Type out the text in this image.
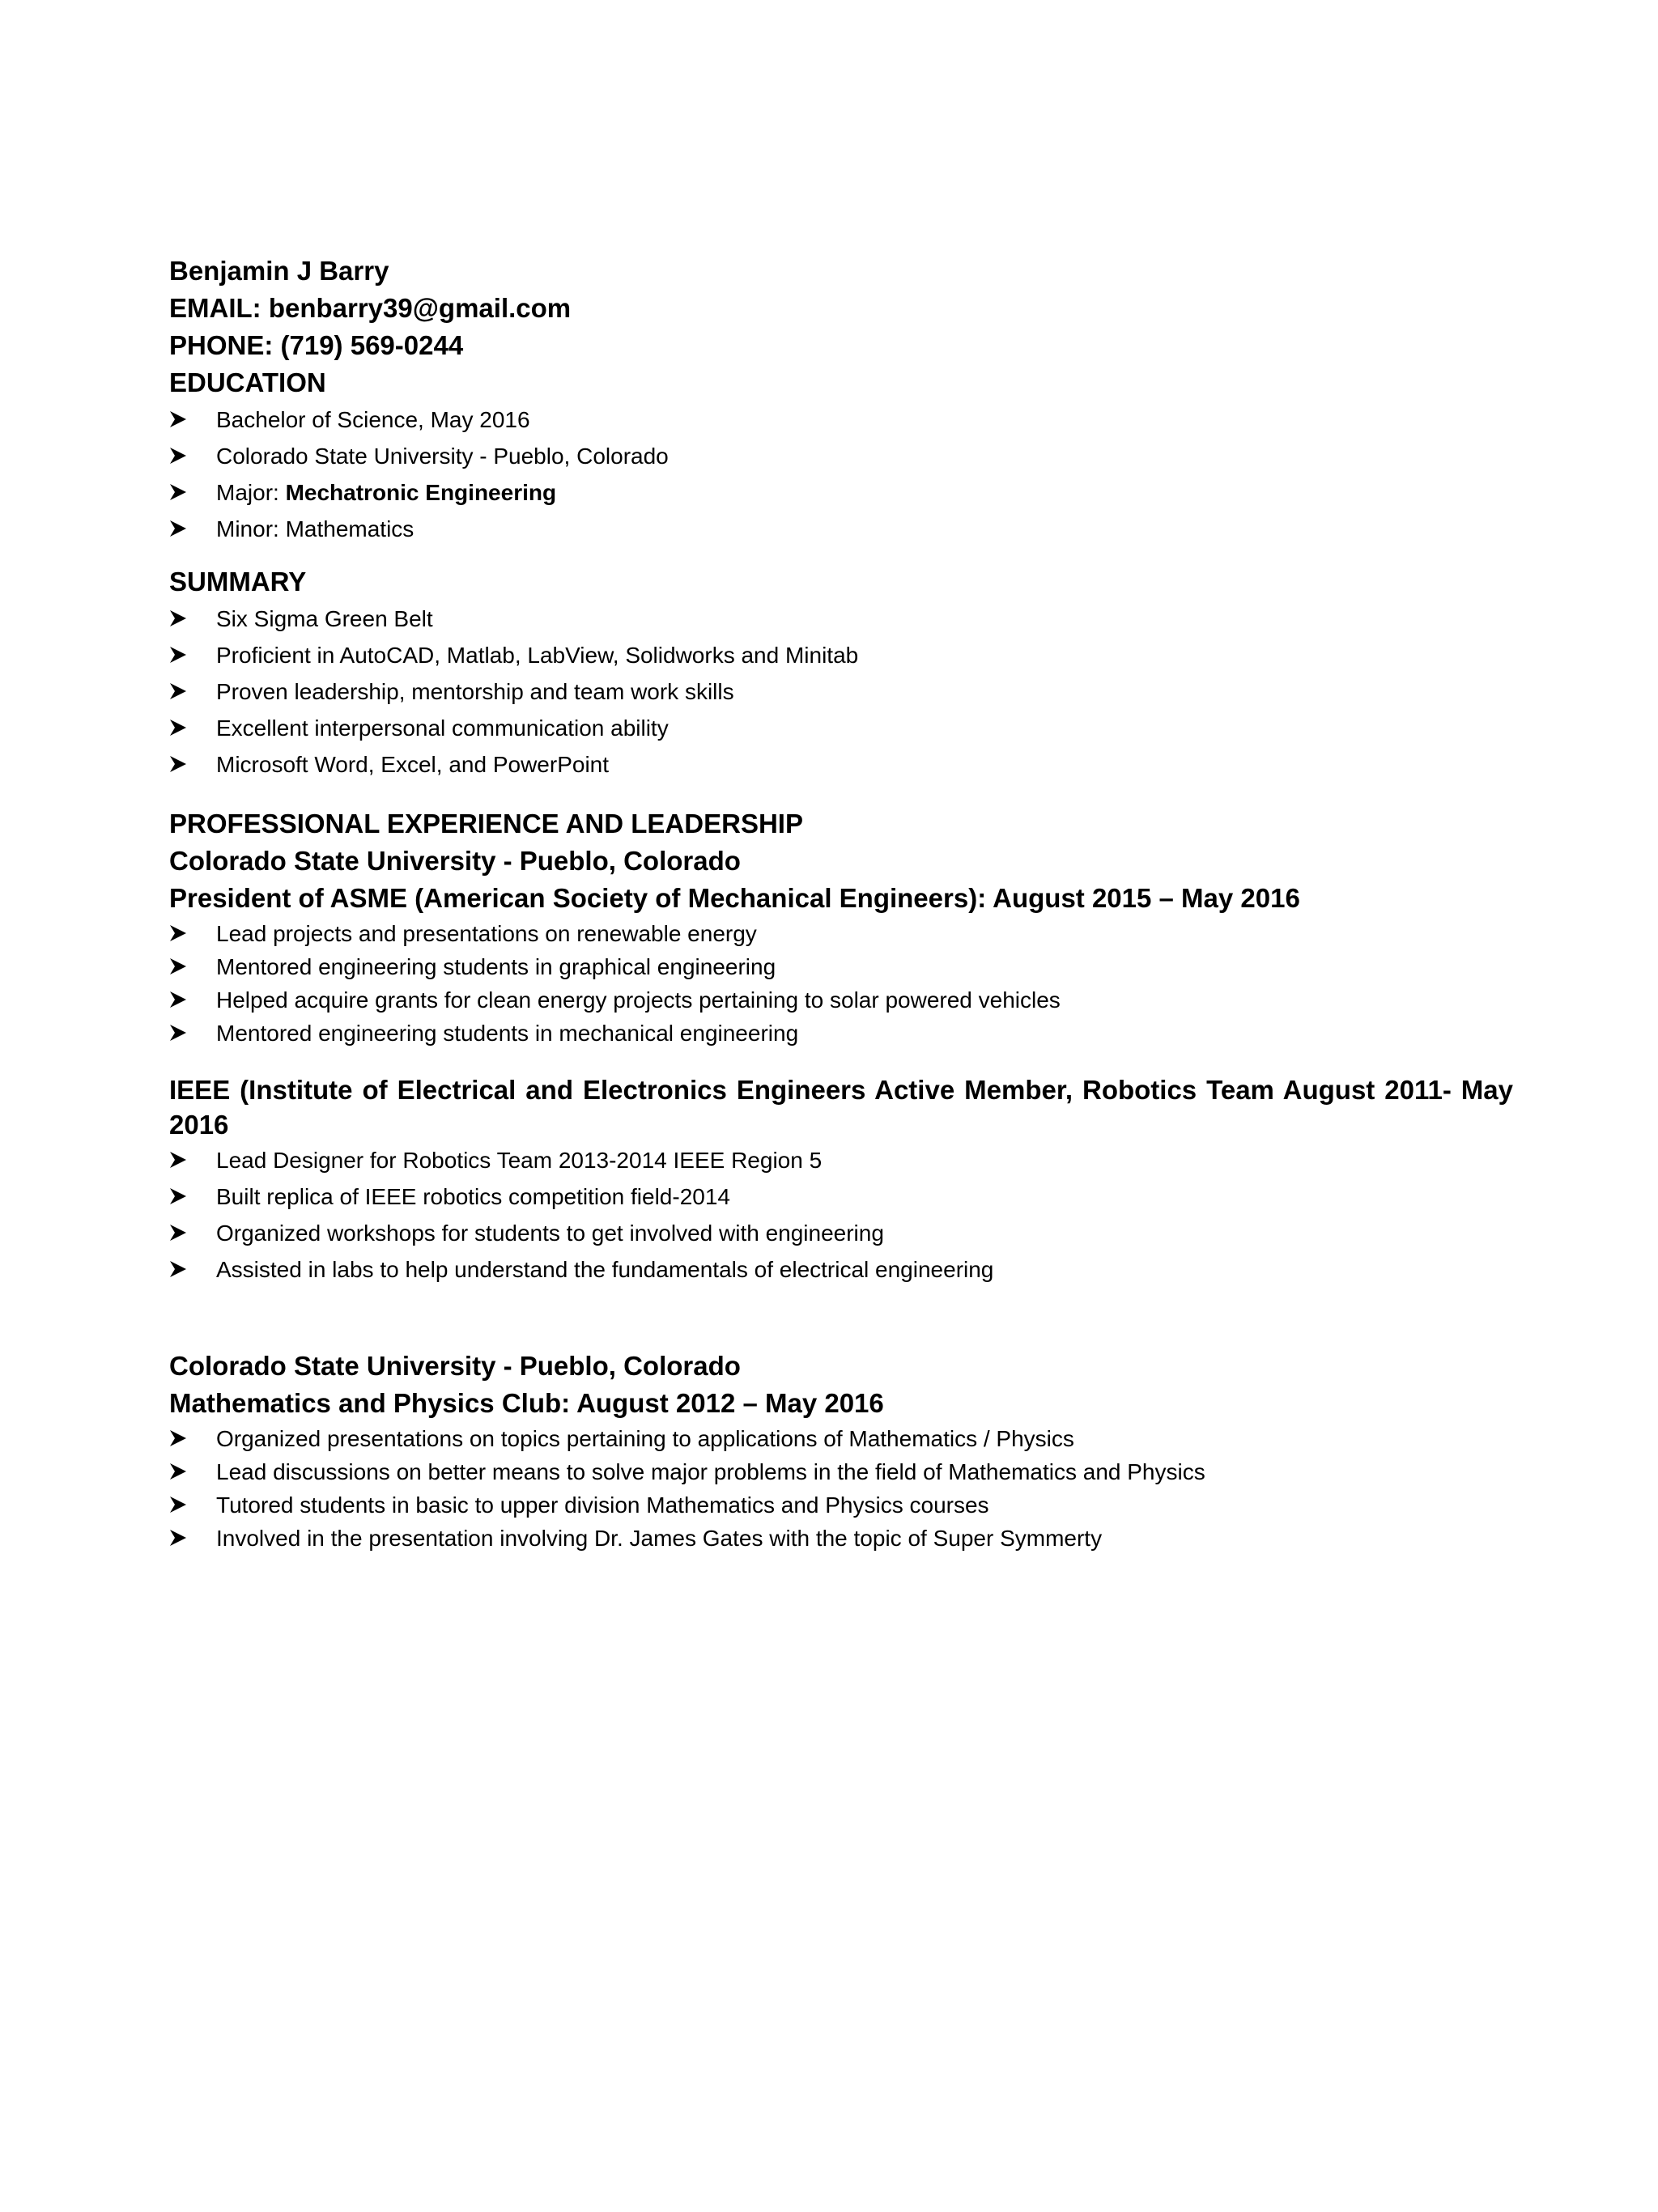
Benjamin J Barry

EMAIL: benbarry39@gmail.com

PHONE: (719) 569-0244

EDUCATION

Bachelor of Science, May 2016
Colorado State University - Pueblo, Colorado
Major: Mechatronic Engineering
Minor: Mathematics

SUMMARY

Six Sigma Green Belt
Proficient in AutoCAD, Matlab, LabView, Solidworks and Minitab
Proven leadership, mentorship and team work skills
Excellent interpersonal communication ability
Microsoft Word, Excel, and PowerPoint

PROFESSIONAL EXPERIENCE AND LEADERSHIP

Colorado State University - Pueblo, Colorado

President of ASME (American Society of Mechanical Engineers): August 2015 – May 2016

Lead projects and presentations on renewable energy
Mentored engineering students in graphical engineering
Helped acquire grants for clean energy projects pertaining to solar powered vehicles
Mentored engineering students in mechanical engineering

IEEE (Institute of Electrical and Electronics Engineers Active Member, Robotics Team August 2011- May 2016

Lead Designer for Robotics Team 2013-2014 IEEE Region 5
Built replica of IEEE robotics competition field-2014
Organized workshops for students to get involved with engineering
Assisted in labs to help understand the fundamentals of electrical engineering

Colorado State University - Pueblo, Colorado

Mathematics and Physics Club: August 2012 – May 2016

Organized presentations on topics pertaining to applications of Mathematics / Physics
Lead discussions on better means to solve major problems in the field of Mathematics and Physics
Tutored students in basic to upper division Mathematics and Physics courses
Involved in the presentation involving Dr. James Gates with the topic of Super Symmerty
